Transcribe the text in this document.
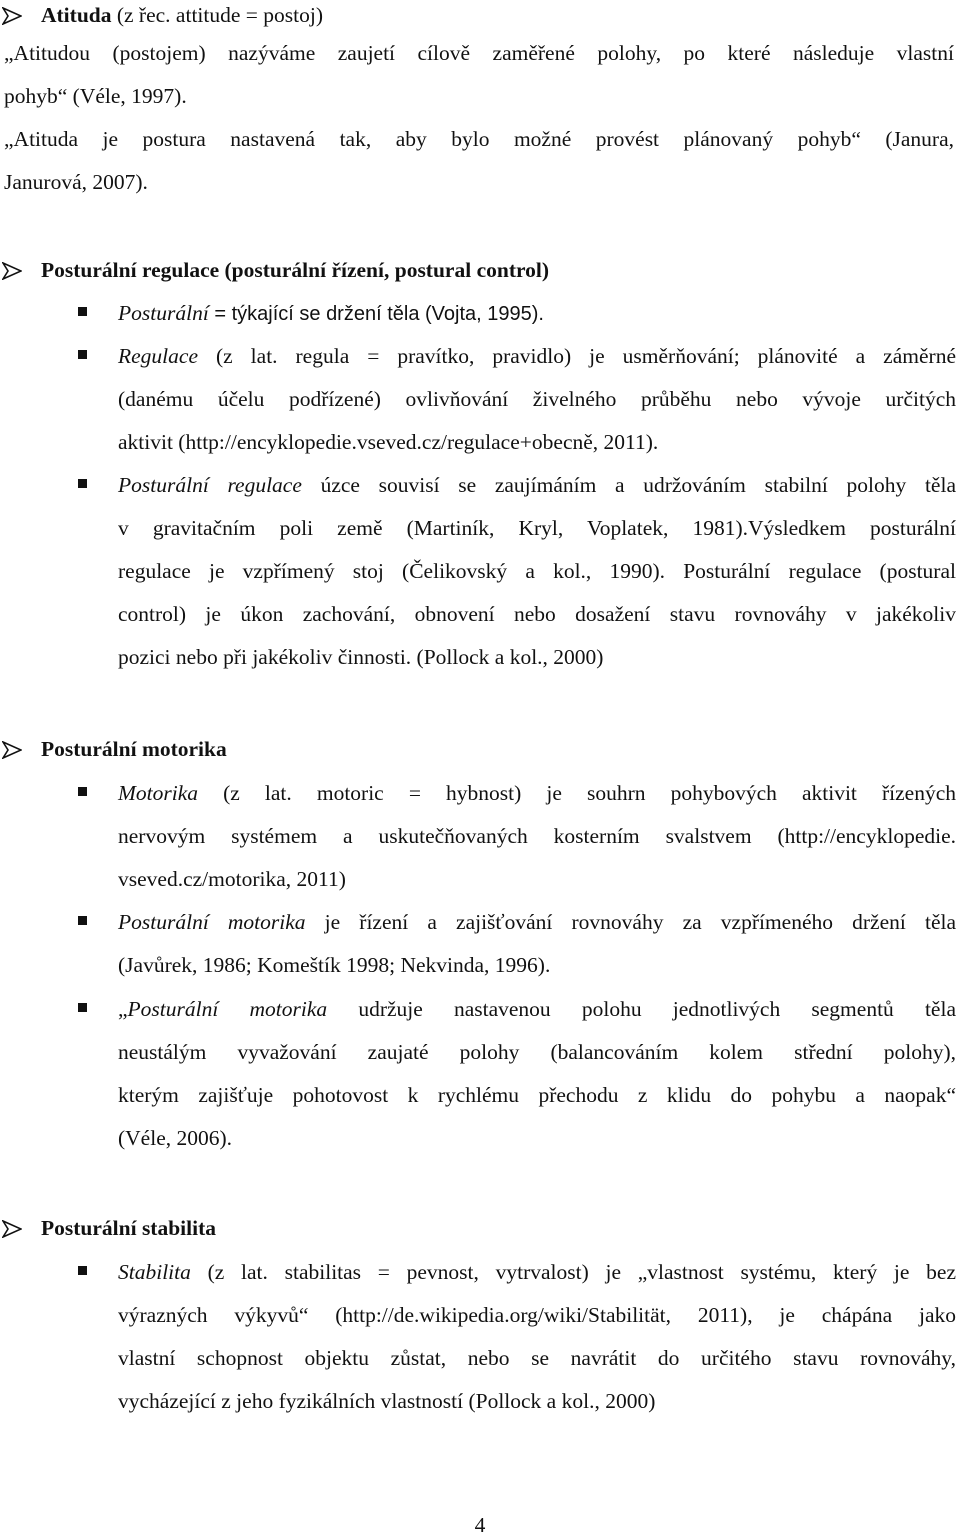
Atituda (z řec. attitude = postoj)
„Atitudou (postojem) nazýváme zaujetí cílově zaměřené polohy, po které následuje vlastní
pohyb“ (Véle, 1997).
„Atituda je postura nastavená tak, aby bylo možné provést plánovaný pohyb“ (Janura,
Janurová, 2007).
Posturální regulace (posturální řízení, postural control)
Posturální = týkající se držení těla (Vojta, 1995).
Regulace (z lat. regula = pravítko, pravidlo) je usměrňování; plánovité a záměrné
(danému účelu podřízené) ovlivňování živelného průběhu nebo vývoje určitých
aktivit (http://encyklopedie.vseved.cz/regulace+obecně, 2011).
Posturální regulace úzce souvisí se zaujímáním a udržováním stabilní polohy těla
v gravitačním poli země (Martiník, Kryl, Voplatek, 1981).Výsledkem posturální
regulace je vzpřímený stoj (Čelikovský a kol., 1990). Posturální regulace (postural
control) je úkon zachování, obnovení nebo dosažení stavu rovnováhy v jakékoliv
pozici nebo při jakékoliv činnosti. (Pollock a kol., 2000)
Posturální motorika
Motorika (z lat. motoric = hybnost) je souhrn pohybových aktivit řízených
nervovým systémem a uskutečňovaných kosterním svalstvem (http://encyklopedie.
vseved.cz/motorika, 2011)
Posturální motorika je řízení a zajišťování rovnováhy za vzpřímeného držení těla
(Javůrek, 1986; Komeštík 1998; Nekvinda, 1996).
„Posturální motorika udržuje nastavenou polohu jednotlivých segmentů těla
neustálým vyvažování zaujaté polohy (balancováním kolem střední polohy),
kterým zajišťuje pohotovost k rychlému přechodu z klidu do pohybu a naopak“
(Véle, 2006).
Posturální stabilita
Stabilita (z lat. stabilitas = pevnost, vytrvalost) je „vlastnost systému, který je bez
výrazných výkyvů“ (http://de.wikipedia.org/wiki/Stabilität, 2011), je chápána jako
vlastní schopnost objektu zůstat, nebo se navrátit do určitého stavu rovnováhy,
vycházející z jeho fyzikálních vlastností (Pollock a kol., 2000)
4
